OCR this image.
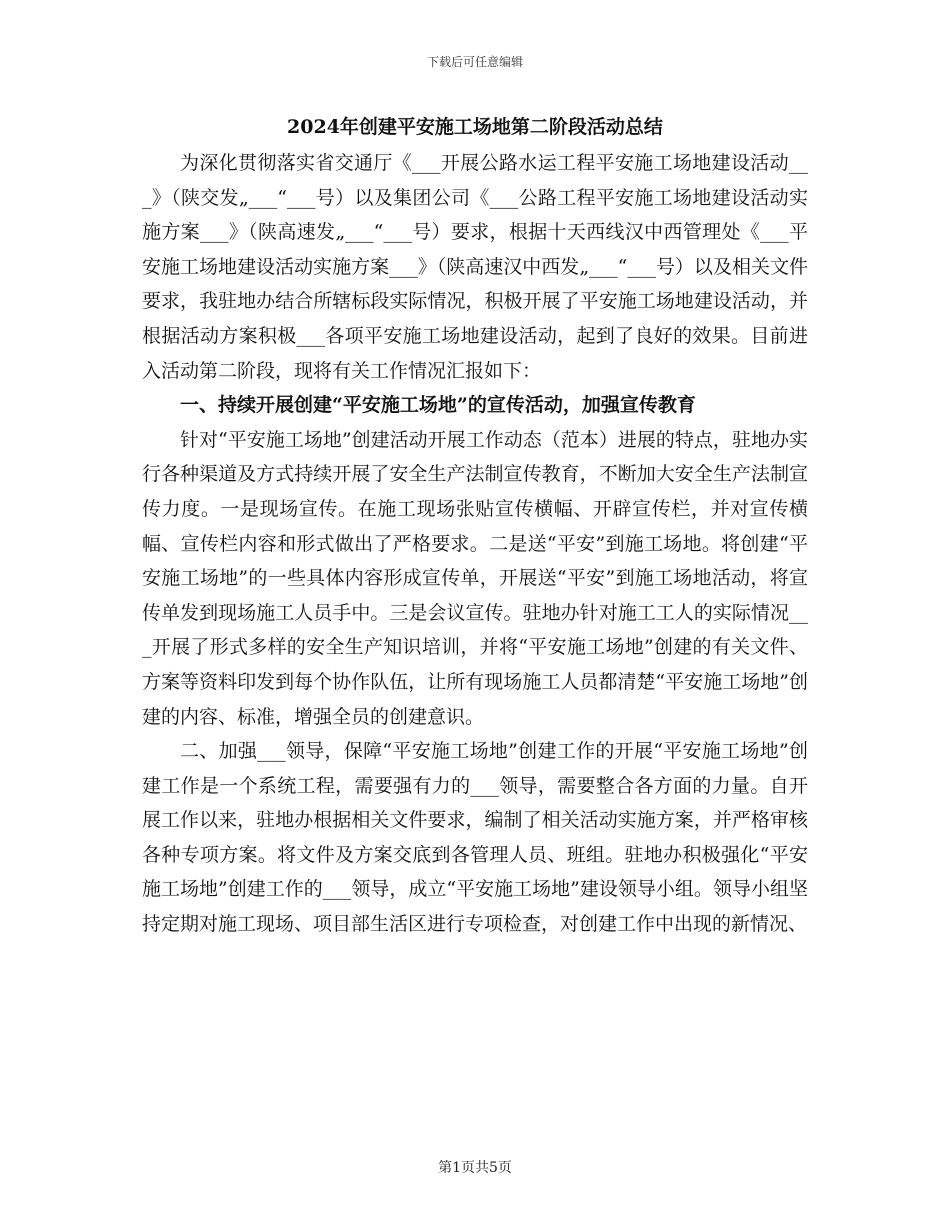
下载后可任意编辑
2024年创建平安施工场地第二阶段活动总结

为深化贯彻落实省交通厅《___开展公路水运工程平安施工场地建设活动___》（陕交发„___“___号）以及集团公司《___公路工程平安施工场地建设活动实施方案___》（陕高速发„___“___号）要求，根据十天西线汉中西管理处《___平安施工场地建设活动实施方案___》（陕高速汉中西发„___“___号）以及相关文件要求，我驻地办结合所辖标段实际情况，积极开展了平安施工场地建设活动，并根据活动方案积极___各项平安施工场地建设活动，起到了良好的效果。目前进入活动第二阶段，现将有关工作情况汇报如下：

一、持续开展创建“平安施工场地”的宣传活动，加强宣传教育

针对“平安施工场地”创建活动开展工作动态（范本）进展的特点，驻地办实行各种渠道及方式持续开展了安全生产法制宣传教育，不断加大安全生产法制宣传力度。一是现场宣传。在施工现场张贴宣传横幅、开辟宣传栏，并对宣传横幅、宣传栏内容和形式做出了严格要求。二是送“平安”到施工场地。将创建“平安施工场地”的一些具体内容形成宣传单，开展送“平安”到施工场地活动，将宣传单发到现场施工人员手中。三是会议宣传。驻地办针对施工工人的实际情况___开展了形式多样的安全生产知识培训，并将“平安施工场地”创建的有关文件、方案等资料印发到每个协作队伍，让所有现场施工人员都清楚“平安施工场地”创建的内容、标准，增强全员的创建意识。

二、加强___领导，保障“平安施工场地”创建工作的开展“平安施工场地”创建工作是一个系统工程，需要强有力的___领导，需要整合各方面的力量。自开展工作以来，驻地办根据相关文件要求，编制了相关活动实施方案，并严格审核各种专项方案。将文件及方案交底到各管理人员、班组。驻地办积极强化“平安施工场地”创建工作的___领导，成立“平安施工场地”建设领导小组。领导小组坚持定期对施工现场、项目部生活区进行专项检查，对创建工作中出现的新情况、

第1页共5页
